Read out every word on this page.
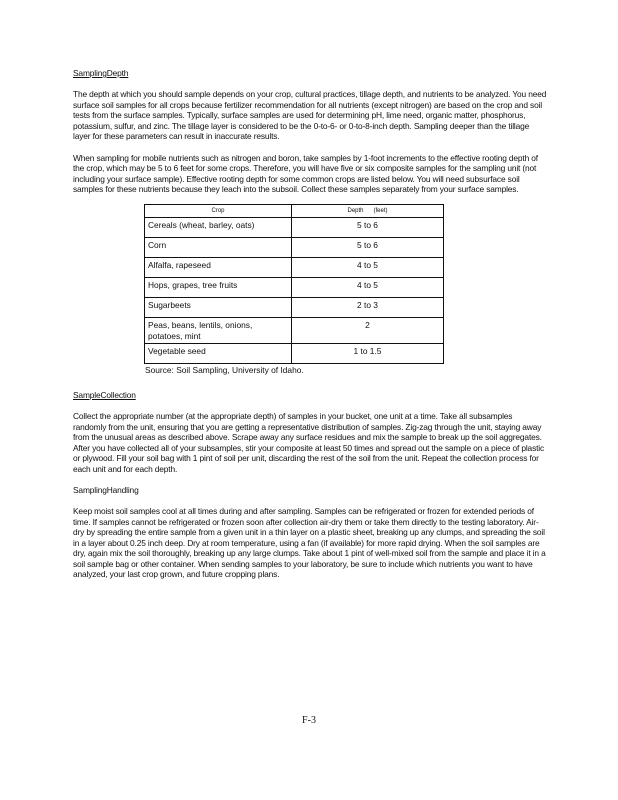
SamplingDepth

The depth at which you should sample depends on your crop, cultural practices, tillage depth, and nutrients to be analyzed. You need surface soil samples for all crops because fertilizer recommendation for all nutrients (except nitrogen) are based on the crop and soil tests from the surface samples. Typically, surface samples are used for determining pH, lime need, organic matter, phosphorus, potassium, sulfur, and zinc. The tillage layer is considered to be the 0-to-6- or 0-to-8-inch depth. Sampling deeper than the tillage layer for these parameters can result in inaccurate results.

When sampling for mobile nutrients such as nitrogen and boron, take samples by 1-foot increments to the effective rooting depth of the crop, which may be 5 to 6 feet for some crops. Therefore, you will have five or six composite samples for the sampling unit (not including your surface sample). Effective rooting depth for some common crops are listed below. You will need subsurface soil samples for these nutrients because they leach into the subsoil. Collect these samples separately from your surface samples.

Crop	Depth      (feet)
Cereals (wheat, barley, oats)	5 to 6
Corn	5 to 6
Alfalfa, rapeseed	4 to 5
Hops, grapes, tree fruits	4 to 5
Sugarbeets	2 to 3
Peas, beans, lentils, onions, potatoes, mint	2
Vegetable seed	1 to 1.5
Source: Soil Sampling, University of Idaho.
SampleCollection

Collect the appropriate number (at the appropriate depth) of samples in your bucket, one unit at a time. Take all subsamples randomly from the unit, ensuring that you are getting a representative distribution of samples. Zig-zag through the unit, staying away from the unusual areas as described above. Scrape away any surface residues and mix the sample to break up the soil aggregates. After you have collected all of your subsamples, stir your composite at least 50 times and spread out the sample on a piece of plastic or plywood. Fill your soil bag with 1 pint of soil per unit, discarding the rest of the soil from the unit. Repeat the collection process for each unit and for each depth.

SamplingHandling

Keep moist soil samples cool at all times during and after sampling. Samples can be refrigerated or frozen for extended periods of time. If samples cannot be refrigerated or frozen soon after collection air-dry them or take them directly to the testing laboratory. Air-dry by spreading the entire sample from a given unit in a thin layer on a plastic sheet, breaking up any clumps, and spreading the soil in a layer about 0.25 inch deep. Dry at room temperature, using a fan (if available) for more rapid drying. When the soil samples are dry, again mix the soil thoroughly, breaking up any large clumps. Take about 1 pint of well-mixed soil from the sample and place it in a soil sample bag or other container. When sending samples to your laboratory, be sure to include which nutrients you want to have analyzed, your last crop grown, and future cropping plans.

F-3
